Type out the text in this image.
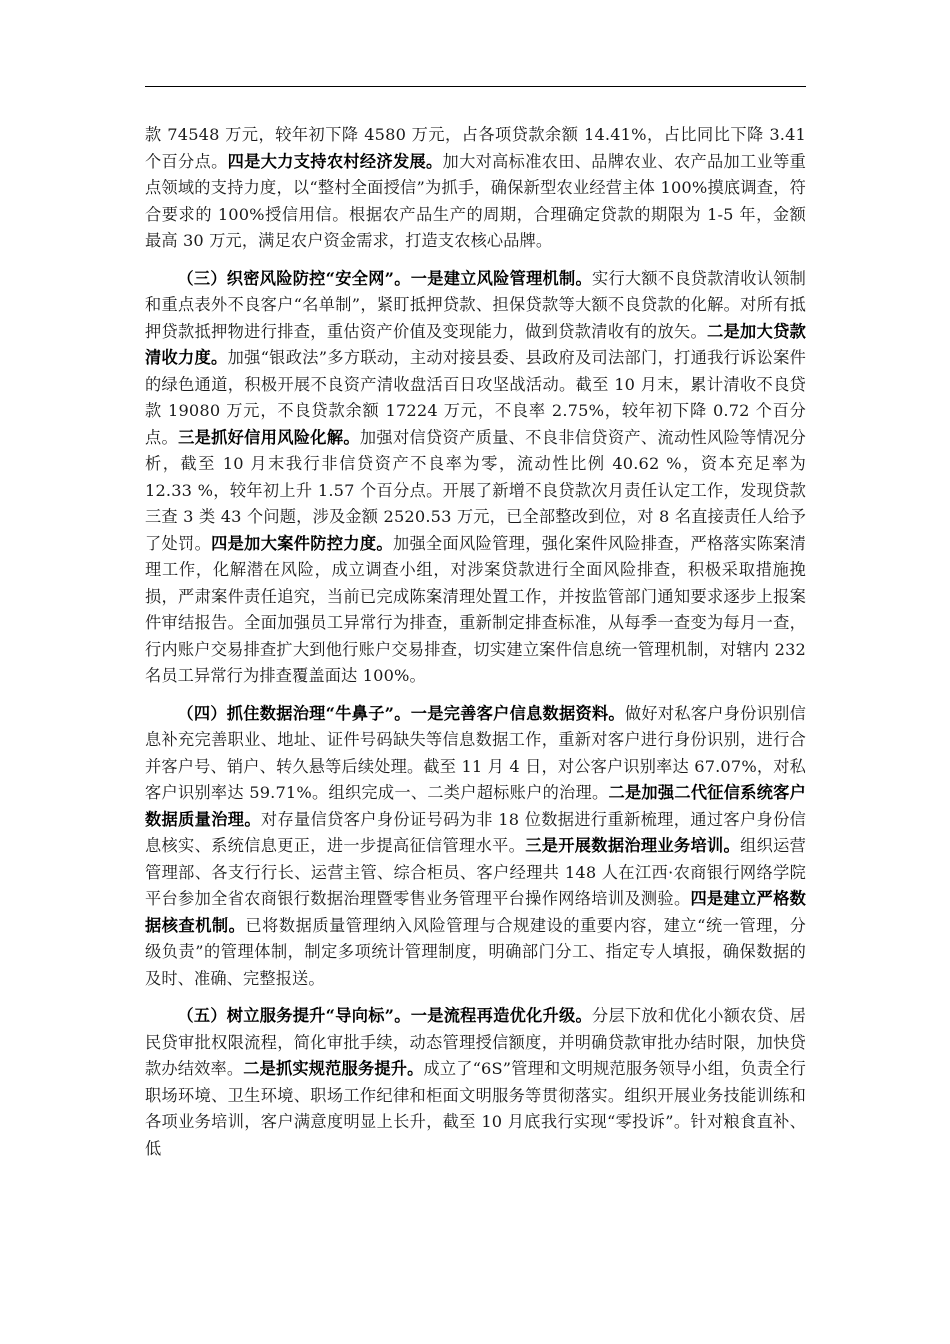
款 74548 万元，较年初下降 4580 万元，占各项贷款余额 14.41%，占比同比下降 3.41 个百分点。四是大力支持农村经济发展。加大对高标准农田、品牌农业、农产品加工业等重点领域的支持力度，以“整村全面授信”为抓手，确保新型农业经营主体 100%摸底调查，符合要求的 100%授信用信。根据农产品生产的周期，合理确定贷款的期限为 1-5 年，金额最高 30 万元，满足农户资金需求，打造支农核心品牌。

（三）织密风险防控“安全网”。一是建立风险管理机制。实行大额不良贷款清收认领制和重点表外不良客户“名单制”，紧盯抵押贷款、担保贷款等大额不良贷款的化解。对所有抵押贷款抵押物进行排查，重估资产价值及变现能力，做到贷款清收有的放矢。二是加大贷款清收力度。加强“银政法”多方联动，主动对接县委、县政府及司法部门，打通我行诉讼案件的绿色通道，积极开展不良资产清收盘活百日攻坚战活动。截至 10 月末，累计清收不良贷款 19080 万元，不良贷款余额 17224 万元，不良率 2.75%，较年初下降 0.72 个百分点。三是抓好信用风险化解。加强对信贷资产质量、不良非信贷资产、流动性风险等情况分析，截至 10 月末我行非信贷资产不良率为零，流动性比例 40.62 %，资本充足率为 12.33 %，较年初上升 1.57 个百分点。开展了新增不良贷款次月责任认定工作，发现贷款三查 3 类 43 个问题，涉及金额 2520.53 万元，已全部整改到位，对 8 名直接责任人给予了处罚。四是加大案件防控力度。加强全面风险管理，强化案件风险排查，严格落实陈案清理工作，化解潜在风险，成立调查小组，对涉案贷款进行全面风险排查，积极采取措施挽损，严肃案件责任追究，当前已完成陈案清理处置工作，并按监管部门通知要求逐步上报案件审结报告。全面加强员工异常行为排查，重新制定排查标准，从每季一查变为每月一查，行内账户交易排查扩大到他行账户交易排查，切实建立案件信息统一管理机制，对辖内 232 名员工异常行为排查覆盖面达 100%。

（四）抓住数据治理“牛鼻子”。一是完善客户信息数据资料。做好对私客户身份识别信息补充完善职业、地址、证件号码缺失等信息数据工作，重新对客户进行身份识别，进行合并客户号、销户、转久悬等后续处理。截至 11 月 4 日，对公客户识别率达 67.07%，对私客户识别率达 59.71%。组织完成一、二类户超标账户的治理。二是加强二代征信系统客户数据质量治理。对存量信贷客户身份证号码为非 18 位数据进行重新梳理，通过客户身份信息核实、系统信息更正，进一步提高征信管理水平。三是开展数据治理业务培训。组织运营管理部、各支行行长、运营主管、综合柜员、客户经理共 148 人在江西·农商银行网络学院平台参加全省农商银行数据治理暨零售业务管理平台操作网络培训及测验。四是建立严格数据核查机制。已将数据质量管理纳入风险管理与合规建设的重要内容，建立“统一管理，分级负责”的管理体制，制定多项统计管理制度，明确部门分工、指定专人填报，确保数据的及时、准确、完整报送。

（五）树立服务提升“导向标”。一是流程再造优化升级。分层下放和优化小额农贷、居民贷审批权限流程，简化审批手续，动态管理授信额度，并明确贷款审批办结时限，加快贷款办结效率。二是抓实规范服务提升。成立了“6S”管理和文明规范服务领导小组，负责全行职场环境、卫生环境、职场工作纪律和柜面文明服务等贯彻落实。组织开展业务技能训练和各项业务培训，客户满意度明显上长升，截至 10 月底我行实现“零投诉”。针对粮食直补、低
